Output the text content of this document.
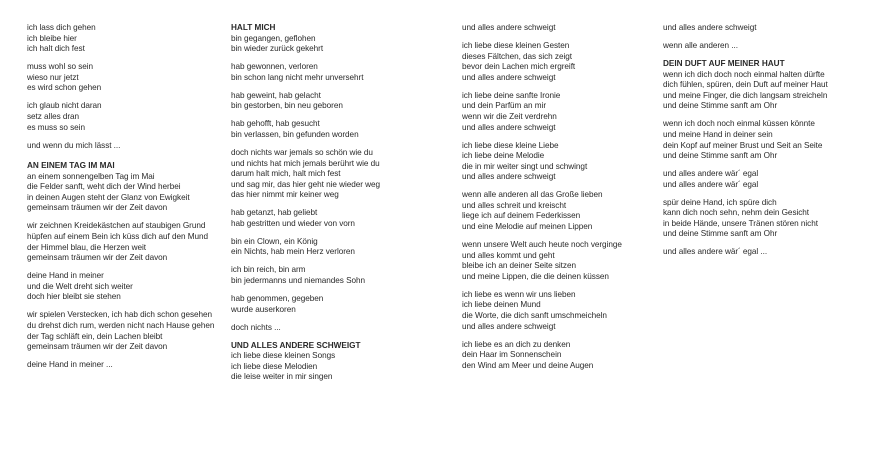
ich lass dich gehen
ich bleibe hier
ich halt dich fest
muss wohl so sein
wieso nur jetzt
es wird schon gehen
ich glaub nicht daran
setz alles dran
es muss so sein
und wenn du mich lässt ...
AN EINEM TAG IM MAI
an einem sonnengelben Tag im Mai
die Felder sanft, weht dich der Wind herbei
in deinen Augen steht der Glanz von Ewigkeit
gemeinsam träumen wir der Zeit davon
wir zeichnen Kreidekästchen auf staubigen Grund
hüpfen auf einem Bein ich küss dich auf den Mund
der Himmel blau, die Herzen weit
gemeinsam träumen wir der Zeit davon
deine Hand in meiner
und die Welt dreht sich weiter
doch hier bleibt sie stehen
wir spielen Verstecken, ich hab dich schon gesehen
du drehst dich rum, werden nicht nach Hause gehen
der Tag schläft ein, dein Lachen bleibt
gemeinsam träumen wir der Zeit davon
deine Hand in meiner ...
HALT MICH
bin gegangen, geflohen
bin wieder zurück gekehrt
hab gewonnen, verloren
bin schon lang nicht mehr unversehrt
hab geweint, hab gelacht
bin gestorben, bin neu geboren
hab gehofft, hab gesucht
bin verlassen, bin gefunden worden
doch nichts war jemals so schön wie du
und nichts hat mich jemals berührt wie du
darum halt mich, halt mich fest
und sag mir, das hier geht nie wieder weg
das hier nimmt mir keiner weg
hab getanzt, hab geliebt
hab gestritten und wieder von vorn
bin ein Clown, ein König
ein Nichts, hab mein Herz verloren
ich bin reich, bin arm
bin jedermanns und niemandes Sohn
hab genommen, gegeben
wurde auserkoren
doch nichts ...
UND ALLES ANDERE SCHWEIGT
ich liebe diese kleinen Songs
ich liebe diese Melodien
die leise weiter in mir singen
und alles andere schweigt
ich liebe diese kleinen Gesten
dieses Fältchen, das sich zeigt
bevor dein Lachen mich ergreift
und alles andere schweigt
ich liebe deine sanfte Ironie
und dein Parfüm an mir
wenn wir die Zeit verdrehn
und alles andere schweigt
ich liebe diese kleine Liebe
ich liebe deine Melodie
die in mir weiter singt und schwingt
und alles andere schweigt
wenn alle anderen all das Große lieben
und alles schreit und kreischt
liege ich auf deinem Federkissen
und eine Melodie auf meinen Lippen
wenn unsere Welt auch heute noch verginge
und alles kommt und geht
bleibe ich an deiner Seite sitzen
und meine Lippen, die die deinen küssen
ich liebe es wenn wir uns lieben
ich liebe deinen Mund
die Worte, die dich sanft umschmeicheln
und alles andere schweigt
ich liebe es an dich zu denken
dein Haar im Sonnenschein
den Wind am Meer und deine Augen
und alles andere schweigt
wenn alle anderen ...
DEIN DUFT AUF MEINER HAUT
wenn ich dich doch noch einmal halten dürfte
dich fühlen, spüren, dein Duft auf meiner Haut
und meine Finger, die dich langsam streicheln
und deine Stimme sanft am Ohr
wenn ich doch noch einmal küssen könnte
und meine Hand in deiner sein
dein Kopf auf meiner Brust und Seit an Seite
und deine Stimme sanft am Ohr
und alles andere wär´ egal
und alles andere wär´ egal
spür deine Hand, ich spüre dich
kann dich noch sehn, nehm dein Gesicht
in beide Hände, unsere Tränen stören nicht
und deine Stimme sanft am Ohr
und alles andere wär´ egal ...
